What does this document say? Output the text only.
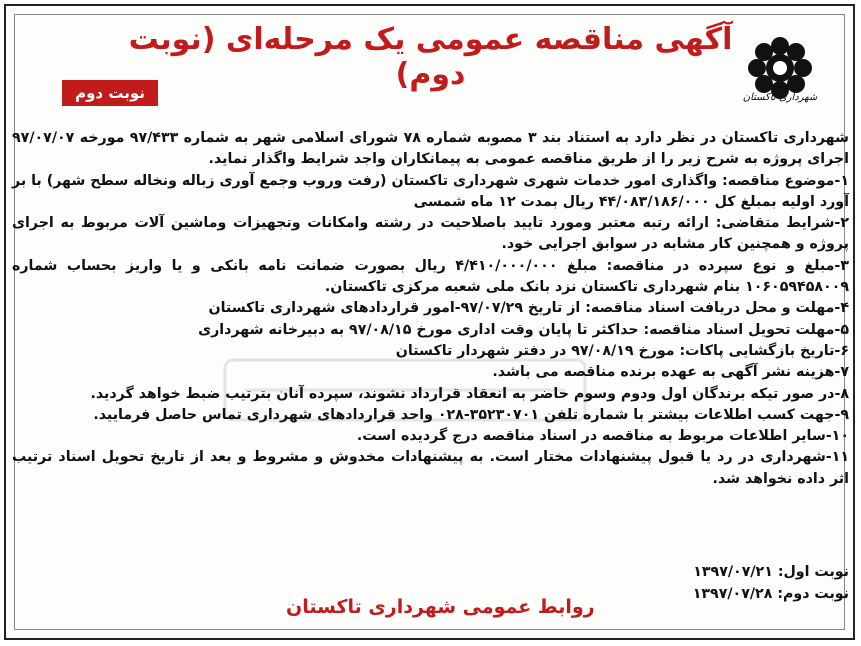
آگهی مناقصه عمومی یک مرحله‌ای (نوبت دوم)
نوبت دوم	شهرداری تاکستان

شهرداری تاکستان در نظر دارد به استناد بند ۳ مصوبه شماره ۷۸ شورای اسلامی شهر به شماره ۹۷/۴۳۳ مورخه ۹۷/۰۷/۰۷ اجرای پروژه به شرح زیر را از طریق مناقصه عمومی به پیمانکاران واجد شرایط واگذار نماید.

۱-موضوع مناقصه: واگذاری امور خدمات شهری شهرداری تاکستان (رفت وروب وجمع آوری زباله ونخاله سطح شهر) با بر آورد اولیه بمبلغ کل ۴۴/۰۸۳/۱۸۶/۰۰۰ ریال بمدت ۱۲ ماه شمسی

۲-شرایط متقاضی: ارائه رتبه معتبر ومورد تایید باصلاحیت در رشته وامکانات وتجهیزات وماشین آلات مربوط به اجرای پروژه و همچنین کار مشابه در سوابق اجرایی خود.

۳-مبلغ و نوع سپرده در مناقصه: مبلغ ۴/۴۱۰/۰۰۰/۰۰۰ ریال بصورت ضمانت نامه بانکی و یا واریز بحساب شماره ۱۰۶۰۵۹۴۵۸۰۰۹ بنام شهرداری تاکستان نزد بانک ملی شعبه مرکزی تاکستان.

۴-مهلت و محل دریافت اسناد مناقصه: از تاریخ ۹۷/۰۷/۲۹-امور قراردادهای شهرداری تاکستان

۵-مهلت تحویل اسناد مناقصه: حداکثر تا پایان وقت اداری مورخ ۹۷/۰۸/۱۵ به دبیرخانه شهرداری

۶-تاریخ بازگشایی پاکات: مورخ ۹۷/۰۸/۱۹ در دفتر شهردار تاکستان

۷-هزینه نشر آگهی به عهده برنده مناقصه می باشد.

۸-در صور تیکه برندگان اول ودوم وسوم حاضر به انعقاد قرارداد نشوند، سپرده آنان بترتیب ضبط خواهد گردید.

۹-جهت کسب اطلاعات بیشتر با شماره تلفن ۳۵۲۳۰۷۰۱-۰۲۸ واحد قراردادهای شهرداری تماس حاصل فرمایید.

۱۰-سایر اطلاعات مربوط به مناقصه در اسناد مناقصه درج گردیده است.

۱۱-شهرداری در رد یا قبول پیشنهادات مختار است. به پیشنهادات مخدوش و مشروط و بعد از تاریخ تحویل اسناد ترتیب اثر داده نخواهد شد.

نوبت اول: ۱۳۹۷/۰۷/۲۱
نوبت دوم: ۱۳۹۷/۰۷/۲۸
روابط عمومی شهرداری تاکستان
